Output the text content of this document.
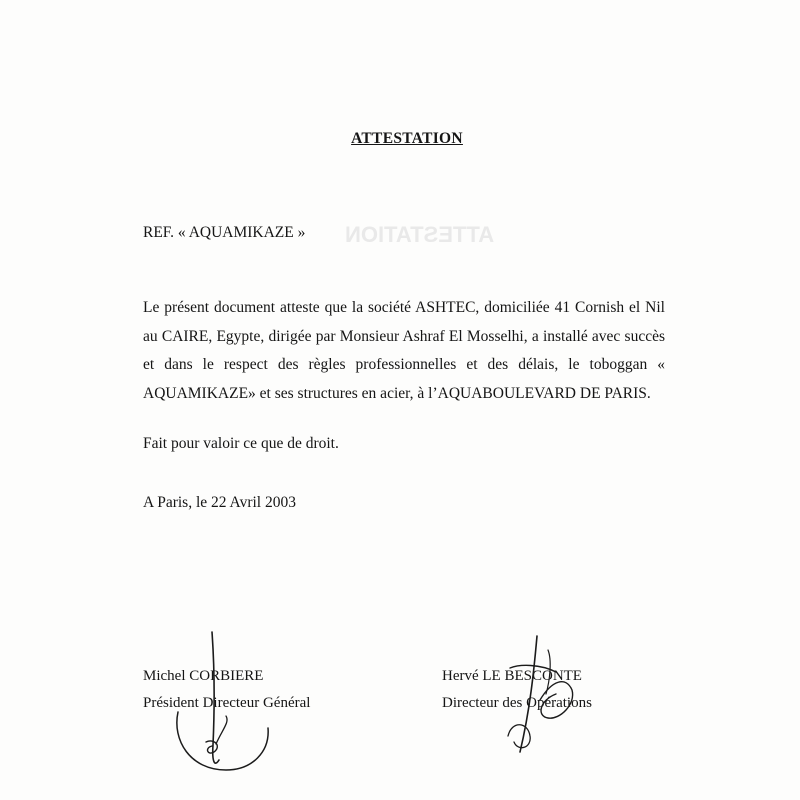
ATTESTATION
ATTESTATION
REF. « AQUAMIKAZE »
Le présent document atteste que la société ASHTEC, domiciliée 41 Cornish el Nil au CAIRE, Egypte, dirigée par Monsieur Ashraf El Mosselhi, a installé avec succès et dans le respect des règles professionnelles et des délais, le toboggan « AQUAMIKAZE» et ses structures en acier, à l’AQUABOULEVARD DE PARIS.
Fait pour valoir ce que de droit.
A Paris, le 22 Avril 2003
Michel CORBIERE
Président Directeur Général
Hervé LE BESCONTE
Directeur des Opérations
